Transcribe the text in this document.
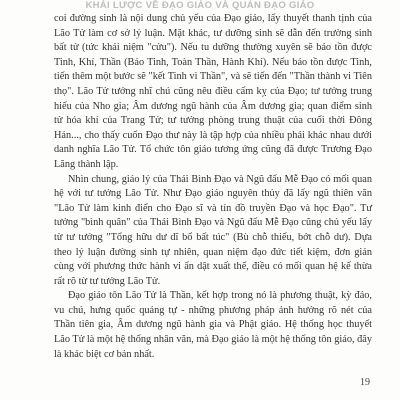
KHÁI LƯỢC VỀ ĐẠO GIÁO VÀ QUÁN ĐẠO GIÁO

coi đường sinh là nội dung chủ yếu của Đạo giáo, lấy thuyết thanh tịnh của Lão Tử làm cơ sở lý luận. Mặt khác, tư dưỡng sinh sẽ dẫn đến trường sinh bất tử (tức khái niệm "cửu"). Nếu tu dưỡng thường xuyên sẽ bảo tồn được Tinh, Khí, Thần (Bảo Tinh, Toàn Thần, Hành Khí). Nếu bảo tồn được Tinh, tiến thêm một bước sẽ "kết Tinh vi Thần", và sẽ tiến đến "Thần thành vi Tiên thọ". Lão Tử tưởng nhĩ chú cũng nêu điều cấm kỵ của Đạo; tư tưởng trung hiếu của Nho gia; Âm dương ngũ hành của Âm dương gia; quan điểm sinh tử hóa khí của Trang Tử; tư tưởng phòng trung thuật của cuối thời Đông Hán..., cho thấy cuốn Đạo thư này là tập hợp của nhiều phái khác nhau dưới danh nghĩa Lão Tử. Tổ chức tôn giáo tương ứng cũng đã được Trương Đạo Lăng thành lập.

Nhìn chung, giáo lý của Thái Bình Đạo và Ngũ đấu Mễ Đạo có mối quan hệ với tư tưởng Lão Tử. Như Đạo giáo nguyên thủy đã lấy ngũ thiên văn "Lão Tử làm kinh điển cho Đạo sĩ và tín đồ truyền Đạo và học Đạo". Tư tưởng "bình quân" của Thái Bình Đạo và Ngũ đấu Mễ Đạo cũng chủ yếu lấy từ tư tưởng "Tổng hữu dư dĩ bổ bất túc" (Bù chỗ thiếu, bớt chỗ dư). Dựa theo lý luận đường sinh tự nhiên, quan niệm đạo đức tiết kiệm, đơn giản cùng với phương thức hành vi ẩn dật xuất thế, điều có mối quan hệ kế thừa rất rõ từ tư tưởng Lão Tử.

Đạo giáo tôn Lão Tử là Thần, kết hợp trong nó là phương thuật, kỳ đảo, vu chú, hưng quốc quảng tự - những phương pháp ảnh hưởng rõ nét của Thần tiên gia, Âm dương ngũ hành gia và Phật giáo. Hệ thống học thuyết Lão Tử là một hệ thống nhân văn, mà Đạo giáo là một hệ thống tôn giáo, đây là khác biệt cơ bản nhất.

19
